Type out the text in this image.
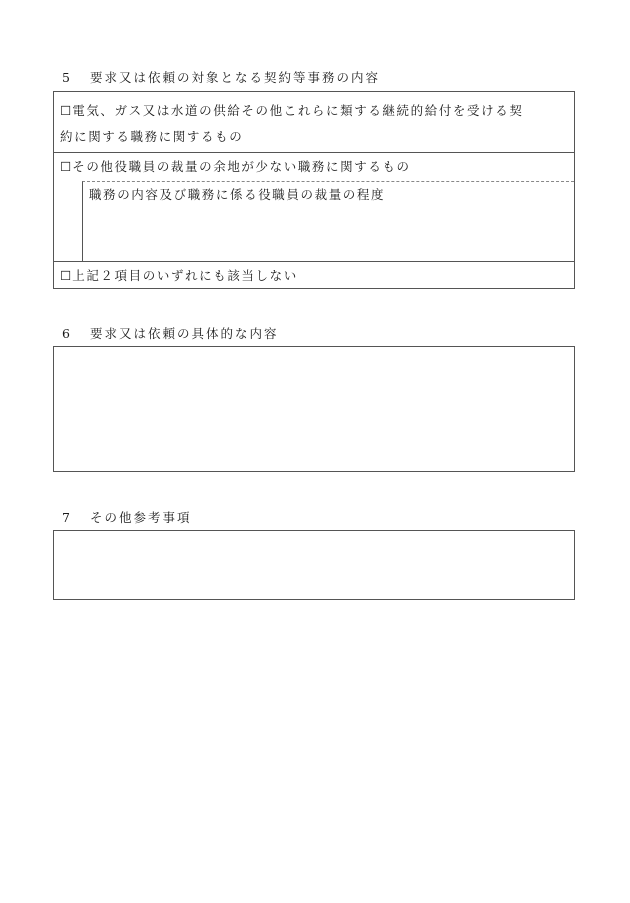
5 要求又は依頼の対象となる契約等事務の内容
☐電気、ガス又は水道の供給その他これらに類する継続的給付を受ける契
約に関する職務に関するもの
☐その他役職員の裁量の余地が少ない職務に関するもの
職務の内容及び職務に係る役職員の裁量の程度
☐上記２項目のいずれにも該当しない
6 要求又は依頼の具体的な内容
7 その他参考事項
